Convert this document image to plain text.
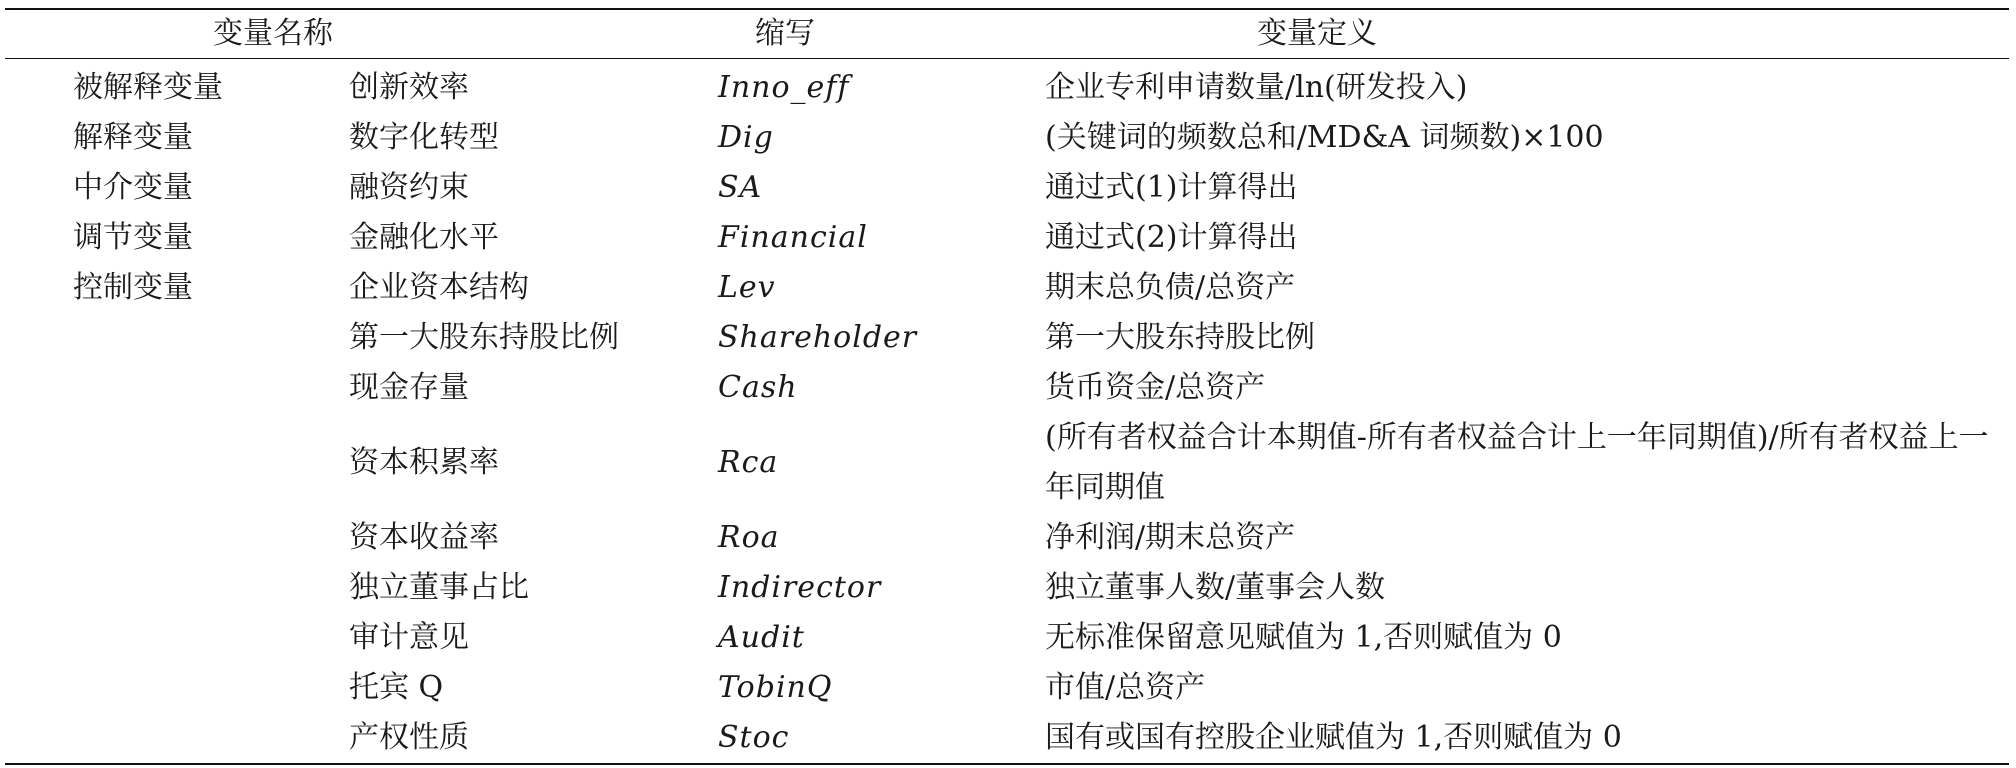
变量名称		缩写	变量定义
被解释变量	创新效率	Inno_eff	企业专利申请数量/ln(研发投入)
解释变量	数字化转型	Dig	(关键词的频数总和/MD&A 词频数)×100
中介变量	融资约束	SA	通过式(1)计算得出
调节变量	金融化水平	Financial	通过式(2)计算得出
控制变量	企业资本结构	Lev	期末总负债/总资产
	第一大股东持股比例	Shareholder	第一大股东持股比例
	现金存量	Cash	货币资金/总资产
	资本积累率	Rca	(所有者权益合计本期值-所有者权益合计上一年同期值)/所有者权益上一年同期值
	资本收益率	Roa	净利润/期末总资产
	独立董事占比	Indirector	独立董事人数/董事会人数
	审计意见	Audit	无标准保留意见赋值为 1,否则赋值为 0
	托宾 Q	TobinQ	市值/总资产
	产权性质	Stoc	国有或国有控股企业赋值为 1,否则赋值为 0
